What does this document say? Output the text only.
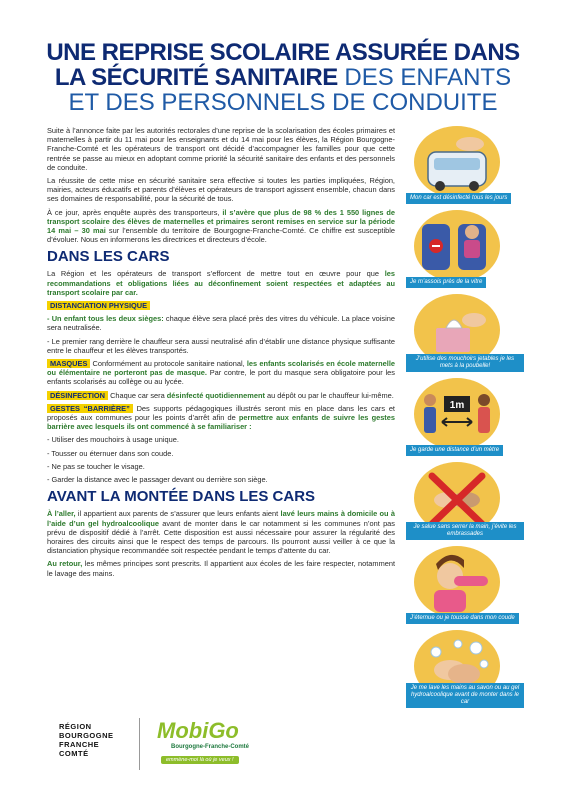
UNE REPRISE SCOLAIRE ASSURÉE DANS
LA SÉCURITÉ SANITAIRE DES ENFANTS
ET DES PERSONNELS DE CONDUITE

Suite à l’annonce faite par les autorités rectorales d’une reprise de la scolarisation des écoles primaires et maternelles à partir du 11 mai pour les enseignants et du 14 mai pour les élèves, la Région Bourgogne-Franche-Comté et les opérateurs de transport ont décidé d’accompagner les familles pour que cette rentrée se passe au mieux en adoptant comme priorité la sécurité sanitaire des enfants et des personnels de conduite.

La réussite de cette mise en sécurité sanitaire sera effective si toutes les parties impliquées, Région, mairies, acteurs éducatifs et parents d’élèves et opérateurs de transport agissent ensemble, chacun dans ses domaines de responsabilité, pour la sécurité de tous.

À ce jour, après enquête auprès des transporteurs, il s’avère que plus de 98 % des 1 550 lignes de transport scolaire des élèves de maternelles et primaires seront remises en service sur la période 14 mai – 30 mai sur l’ensemble du territoire de Bourgogne-Franche-Comté. Ce chiffre est susceptible d’évoluer. Nous en informerons les directrices et directeurs d’école.

DANS LES CARS

La Région et les opérateurs de transport s’efforcent de mettre tout en œuvre pour que les recommandations et obligations liées au déconfinement soient respectées et adaptées au transport scolaire par car.

DISTANCIATION PHYSIQUE

- Un enfant tous les deux sièges: chaque élève sera placé près des vitres du véhicule. La place voisine sera neutralisée.

- Le premier rang derrière le chauffeur sera aussi neutralisé afin d’établir une distance physique suffisante entre le chauffeur et les élèves transportés.

MASQUES Conformément au protocole sanitaire national, les enfants scolarisés en école maternelle ou élémentaire ne porteront pas de masque. Par contre, le port du masque sera obligatoire pour les enfants scolarisés au collège ou au lycée.

DÉSINFECTION Chaque car sera désinfecté quotidiennement au dépôt ou par le chauffeur lui-même.

GESTES “BARRIÈRE” Des supports pédagogiques illustrés seront mis en place dans les cars et proposés aux communes pour les points d’arrêt afin de permettre aux enfants de suivre les gestes barrière avec lesquels ils ont commencé à se familiariser :

- Utiliser des mouchoirs à usage unique.

- Tousser ou éternuer dans son coude.

- Ne pas se toucher le visage.

- Garder la distance avec le passager devant ou derrière son siège.

AVANT LA MONTÉE DANS LES CARS

À l’aller, il appartient aux parents de s’assurer que leurs enfants aient lavé leurs mains à domicile ou à l’aide d’un gel hydroalcoolique avant de monter dans le car notamment si les communes n’ont pas prévu de dispositif dédié à l’arrêt. Cette disposition est aussi nécessaire pour assurer la régularité des horaires des circuits ainsi que le respect des temps de parcours. Ils pourront aussi veiller à ce que la distanciation physique recommandée soit respectée pendant le temps d’attente du car.

Au retour, les mêmes principes sont prescrits. Il appartient aux écoles de les faire respecter, notamment le lavage des mains.

Mon car est désinfecté tous les jours
Je m’assois près de la vitre
J’utilise des mouchoirs jetables je les mets à la poubelle!
1m
Je garde une distance d’un mètre
Je salue sans serrer la main, j’évite les embrassades
J’éternue ou je tousse dans mon coude
Je me lave les mains au savon ou au gel hydroalcoolique avant de monter dans le car
RÉGION
BOURGOGNE
FRANCHE
COMTÉ
MobiGo
Bourgogne-Franche-Comté
emmène-moi là où je veux !
